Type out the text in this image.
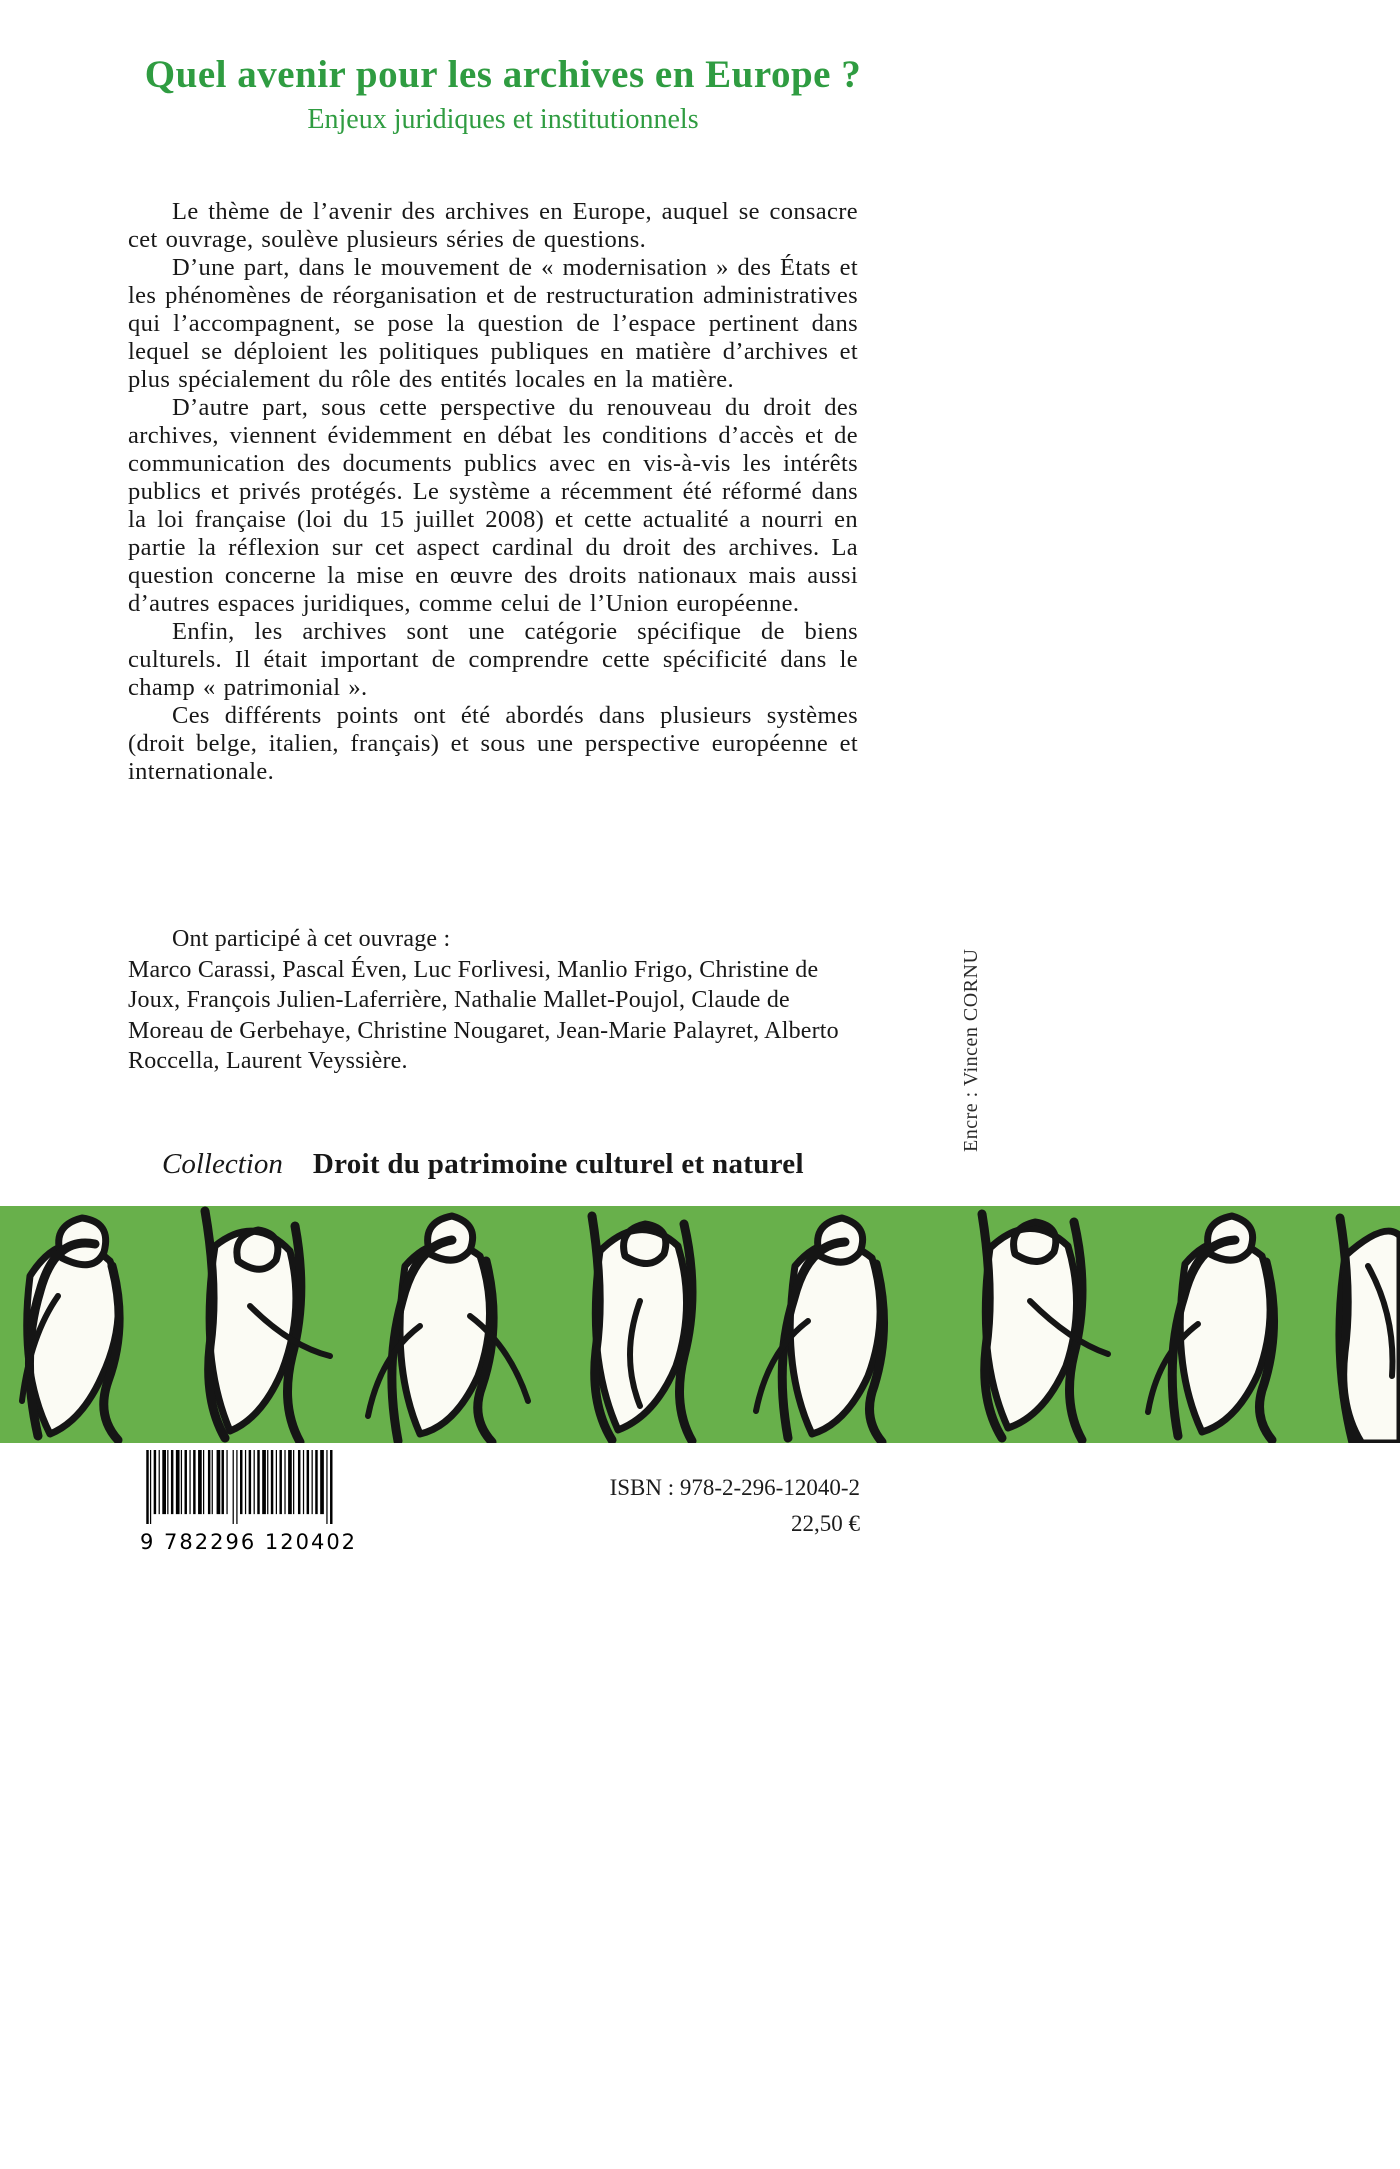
Quel avenir pour les archives en Europe ?
Enjeux juridiques et institutionnels

Le thème de l’avenir des archives en Europe, auquel se consacre cet ouvrage, soulève plusieurs séries de questions.

D’une part, dans le mouvement de « modernisation » des États et les phénomènes de réorganisation et de restructuration administratives qui l’accompagnent, se pose la question de l’espace pertinent dans lequel se déploient les politiques publiques en matière d’archives et plus spécialement du rôle des entités locales en la matière.

D’autre part, sous cette perspective du renouveau du droit des archives, viennent évidemment en débat les conditions d’accès et de communication des documents publics avec en vis-à-vis les intérêts publics et privés protégés. Le système a récemment été réformé dans la loi française (loi du 15 juillet 2008) et cette actualité a nourri en partie la réflexion sur cet aspect cardinal du droit des archives. La question concerne la mise en œuvre des droits nationaux mais aussi d’autres espaces juridiques, comme celui de l’Union européenne.

Enfin, les archives sont une catégorie spécifique de biens culturels. Il était important de comprendre cette spécificité dans le champ « patrimonial ».

Ces différents points ont été abordés dans plusieurs systèmes (droit belge, italien, français) et sous une perspective européenne et internationale.

Ont participé à cet ouvrage :
Marco Carassi, Pascal Éven, Luc Forlivesi, Manlio Frigo, Christine de Joux, François Julien-Laferrière, Nathalie Mallet-Poujol, Claude de Moreau de Gerbehaye, Christine Nougaret, Jean-Marie Palayret, Alberto Roccella, Laurent Veyssière.	Encre : Vincen CORNU
Collection Droit du patrimoine culturel et naturel
9 782296 120402
ISBN : 978-2-296-12040-2
22,50 €
